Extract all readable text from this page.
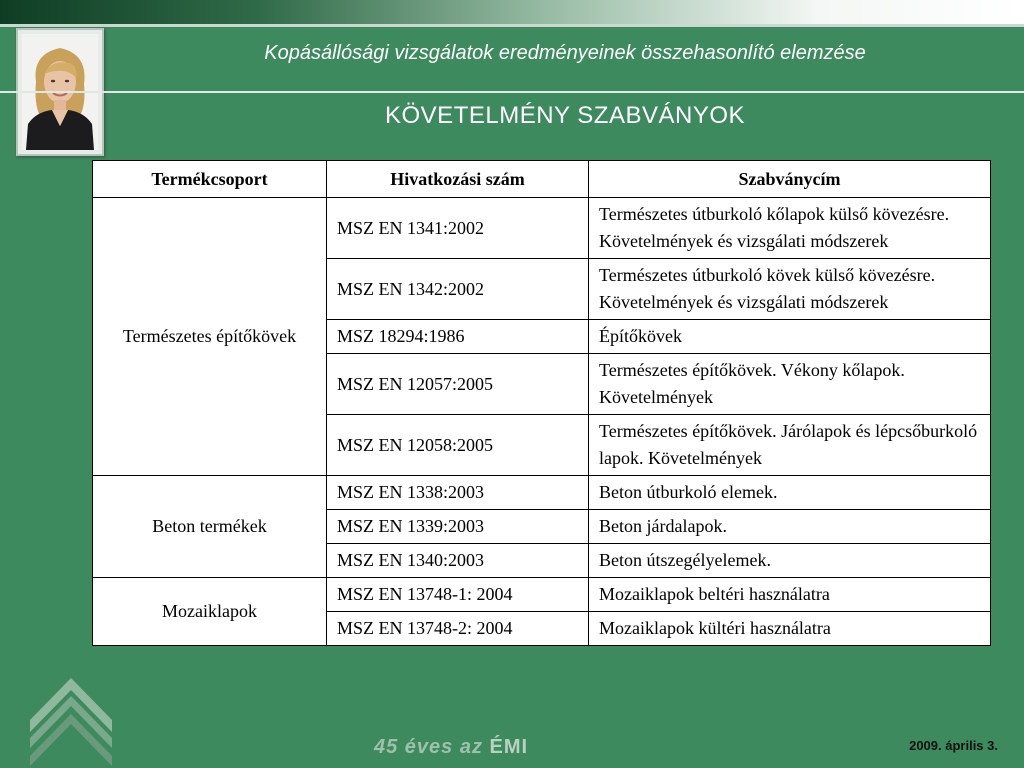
Kopásállósági vizsgálatok eredményeinek összehasonlító elemzése
KÖVETELMÉNY SZABVÁNYOK
Termékcsoport	Hivatkozási szám	Szabványcím
Természetes építőkövek	MSZ EN 1341:2002	Természetes útburkoló kőlapok külső kövezésre. Követelmények és vizsgálati módszerek
	MSZ EN 1342:2002	Természetes útburkoló kövek külső kövezésre. Követelmények és vizsgálati módszerek
	MSZ 18294:1986	Építőkövek
	MSZ EN 12057:2005	Természetes építőkövek. Vékony kőlapok. Követelmények
	MSZ EN 12058:2005	Természetes építőkövek. Járólapok és lépcsőburkoló lapok. Követelmények
Beton termékek	MSZ EN 1338:2003	Beton útburkoló elemek.
	MSZ EN 1339:2003	Beton járdalapok.
	MSZ EN 1340:2003	Beton útszegélyelemek.
Mozaiklapok	MSZ EN 13748-1: 2004	Mozaiklapok beltéri használatra
	MSZ EN 13748-2: 2004	Mozaiklapok kültéri használatra
45 éves az ÉMI	2009. április 3.
